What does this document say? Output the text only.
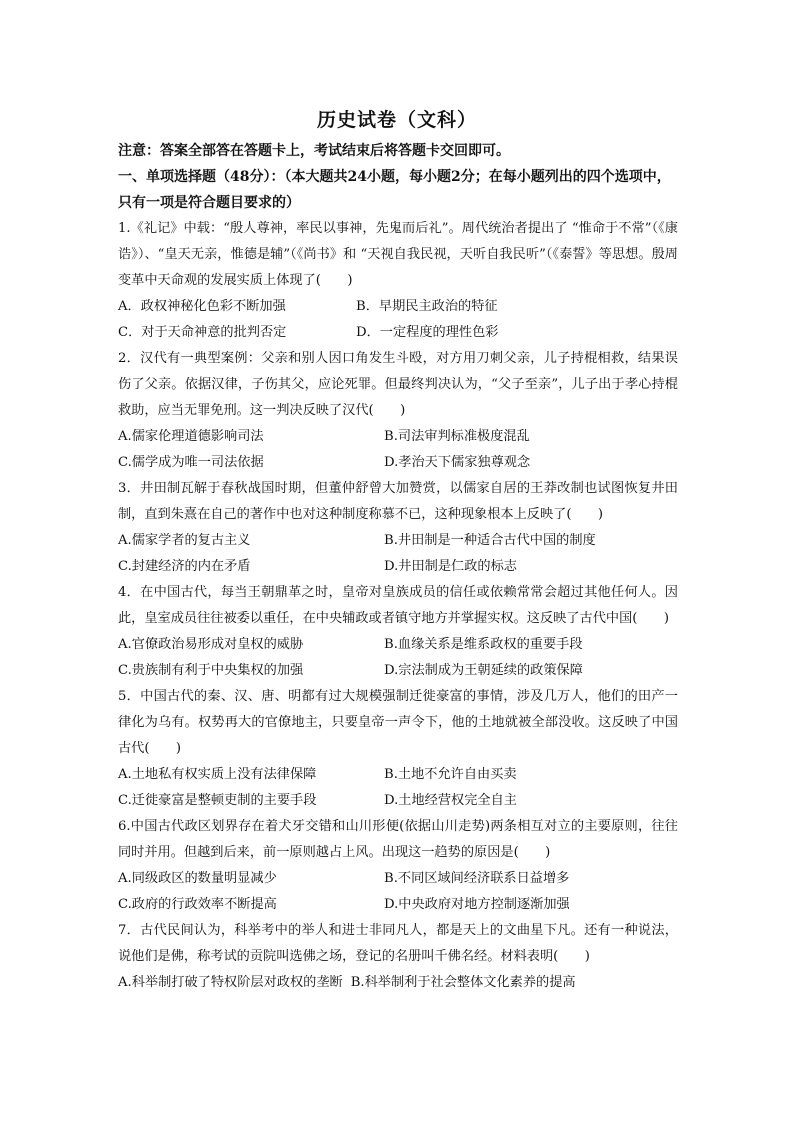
历史试卷（文科）
注意：答案全部答在答题卡上，考试结束后将答题卡交回即可。
一、单项选择题（48分）：（本大题共24小题，每小题2分；在每小题列出的四个选项中，只有一项是符合题目要求的）

1.《礼记》中载：“殷人尊神，率民以事神，先鬼而后礼”。周代统治者提出了 “惟命于不常”（《康诰》）、“皇天无亲，惟德是辅”（《尚书》和 “天视自我民视，天听自我民听”（《泰誓》等思想。殷周变革中天命观的发展实质上体现了(　　)

A．政权神秘化色彩不断加强	B．早期民主政治的特征
C．对于天命神意的批判否定	D．一定程度的理性色彩

2．汉代有一典型案例：父亲和别人因口角发生斗殴，对方用刀刺父亲，儿子持棍相救，结果误伤了父亲。依据汉律，子伤其父，应论死罪。但最终判决认为，“父子至亲”，儿子出于孝心持棍救助，应当无罪免刑。这一判决反映了汉代(　　)

A.儒家伦理道德影响司法	B.司法审判标准极度混乱
C.儒学成为唯一司法依据	D.孝治天下儒家独尊观念

3．井田制瓦解于春秋战国时期，但董仲舒曾大加赞赏，以儒家自居的王莽改制也试图恢复井田制，直到朱熹在自己的著作中也对这种制度称慕不已，这种现象根本上反映了(　　)

A.儒家学者的复古主义	B.井田制是一种适合古代中国的制度
C.封建经济的内在矛盾	D.井田制是仁政的标志

4．在中国古代，每当王朝鼎革之时，皇帝对皇族成员的信任或依赖常常会超过其他任何人。因此，皇室成员往往被委以重任，在中央辅政或者镇守地方并掌握实权。这反映了古代中国(　　)

A.官僚政治易形成对皇权的威胁	B.血缘关系是维系政权的重要手段
C.贵族制有利于中央集权的加强	D.宗法制成为王朝延续的政策保障

5．中国古代的秦、汉、唐、明都有过大规模强制迁徙豪富的事情，涉及几万人，他们的田产一律化为乌有。权势再大的官僚地主，只要皇帝一声令下，他的土地就被全部没收。这反映了中国古代(　　)

A.土地私有权实质上没有法律保障	B.土地不允许自由买卖
C.迁徙豪富是整顿吏制的主要手段	D.土地经营权完全自主

6.中国古代政区划界存在着犬牙交错和山川形便(依据山川走势)两条相互对立的主要原则，往往同时并用。但越到后来，前一原则越占上风。出现这一趋势的原因是(　　)

A.同级政区的数量明显减少	B.不同区域间经济联系日益增多
C.政府的行政效率不断提高	D.中央政府对地方控制逐渐加强

7．古代民间认为，科举考中的举人和进士非同凡人，都是天上的文曲星下凡。还有一种说法，说他们是佛，称考试的贡院叫选佛之场，登记的名册叫千佛名经。材料表明(　　)

A.科举制打破了特权阶层对政权的垄断 B.科举制利于社会整体文化素养的提高
